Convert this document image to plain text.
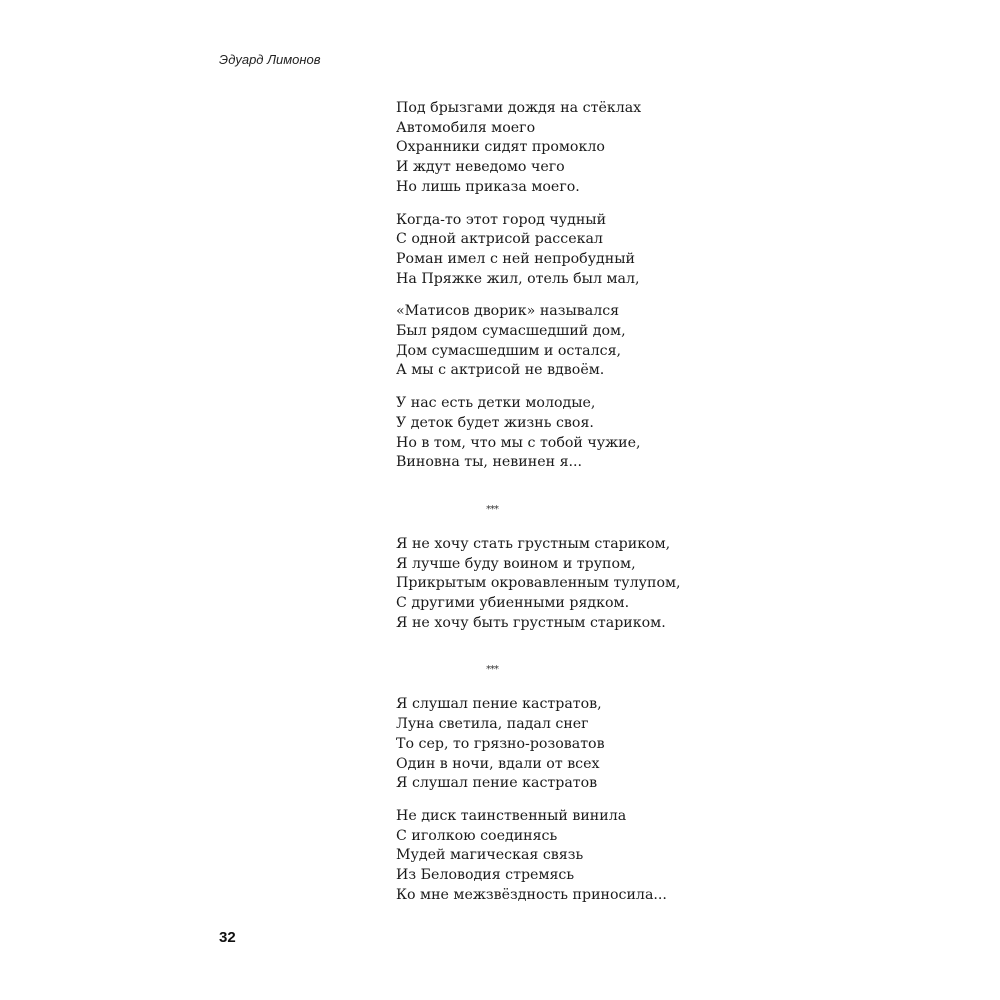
Эдуард Лимонов
Под брызгами дождя на стёклах
Автомобиля моего
Охранники сидят промокло
И ждут неведомо чего
Но лишь приказа моего.
Когда-то этот город чудный
С одной актрисой рассекал
Роман имел с ней непробудный
На Пряжке жил, отель был мал,
«Матисов дворик» назывался
Был рядом сумасшедший дом,
Дом сумасшедшим и остался,
А мы с актрисой не вдвоём.
У нас есть детки молодые,
У деток будет жизнь своя.
Но в том, что мы с тобой чужие,
Виновна ты, невинен я...
***
Я не хочу стать грустным стариком,
Я лучше буду воином и трупом,
Прикрытым окровавленным тулупом,
С другими убиенными рядком.
Я не хочу быть грустным стариком.
***
Я слушал пение кастратов,
Луна светила, падал снег
То сер, то грязно-розоватов
Один в ночи, вдали от всех
Я слушал пение кастратов
Не диск таинственный винила
С иголкою соединясь
Мудей магическая связь
Из Беловодия стремясь
Ко мне межзвёздность приносила...
32
